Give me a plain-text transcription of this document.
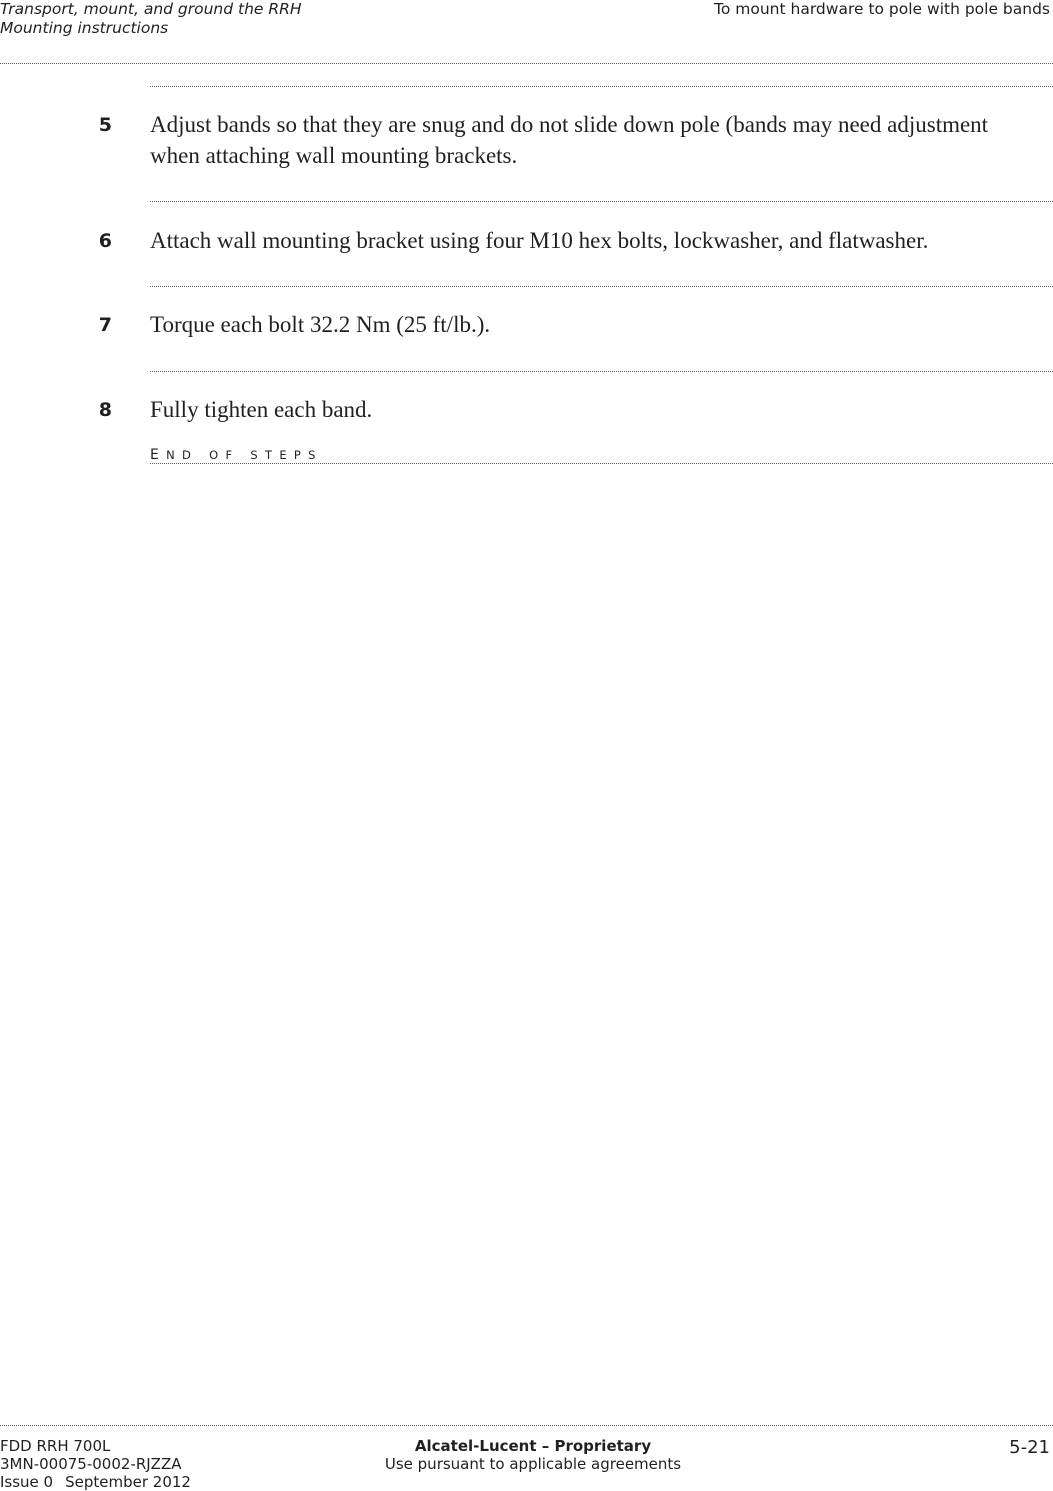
Transport, mount, and ground the RRH
Mounting instructions
To mount hardware to pole with pole bands
5 Adjust bands so that they are snug and do not slide down pole (bands may need adjustment when attaching wall mounting brackets.
6 Attach wall mounting bracket using four M10 hex bolts, lockwasher, and flatwasher.
7 Torque each bolt 32.2 Nm (25 ft/lb.).
8 Fully tighten each band.
END OF STEPS
FDD RRH 700L
3MN-00075-0002-RJZZA
Issue 0 September 2012
Alcatel-Lucent – Proprietary
Use pursuant to applicable agreements
5-21
